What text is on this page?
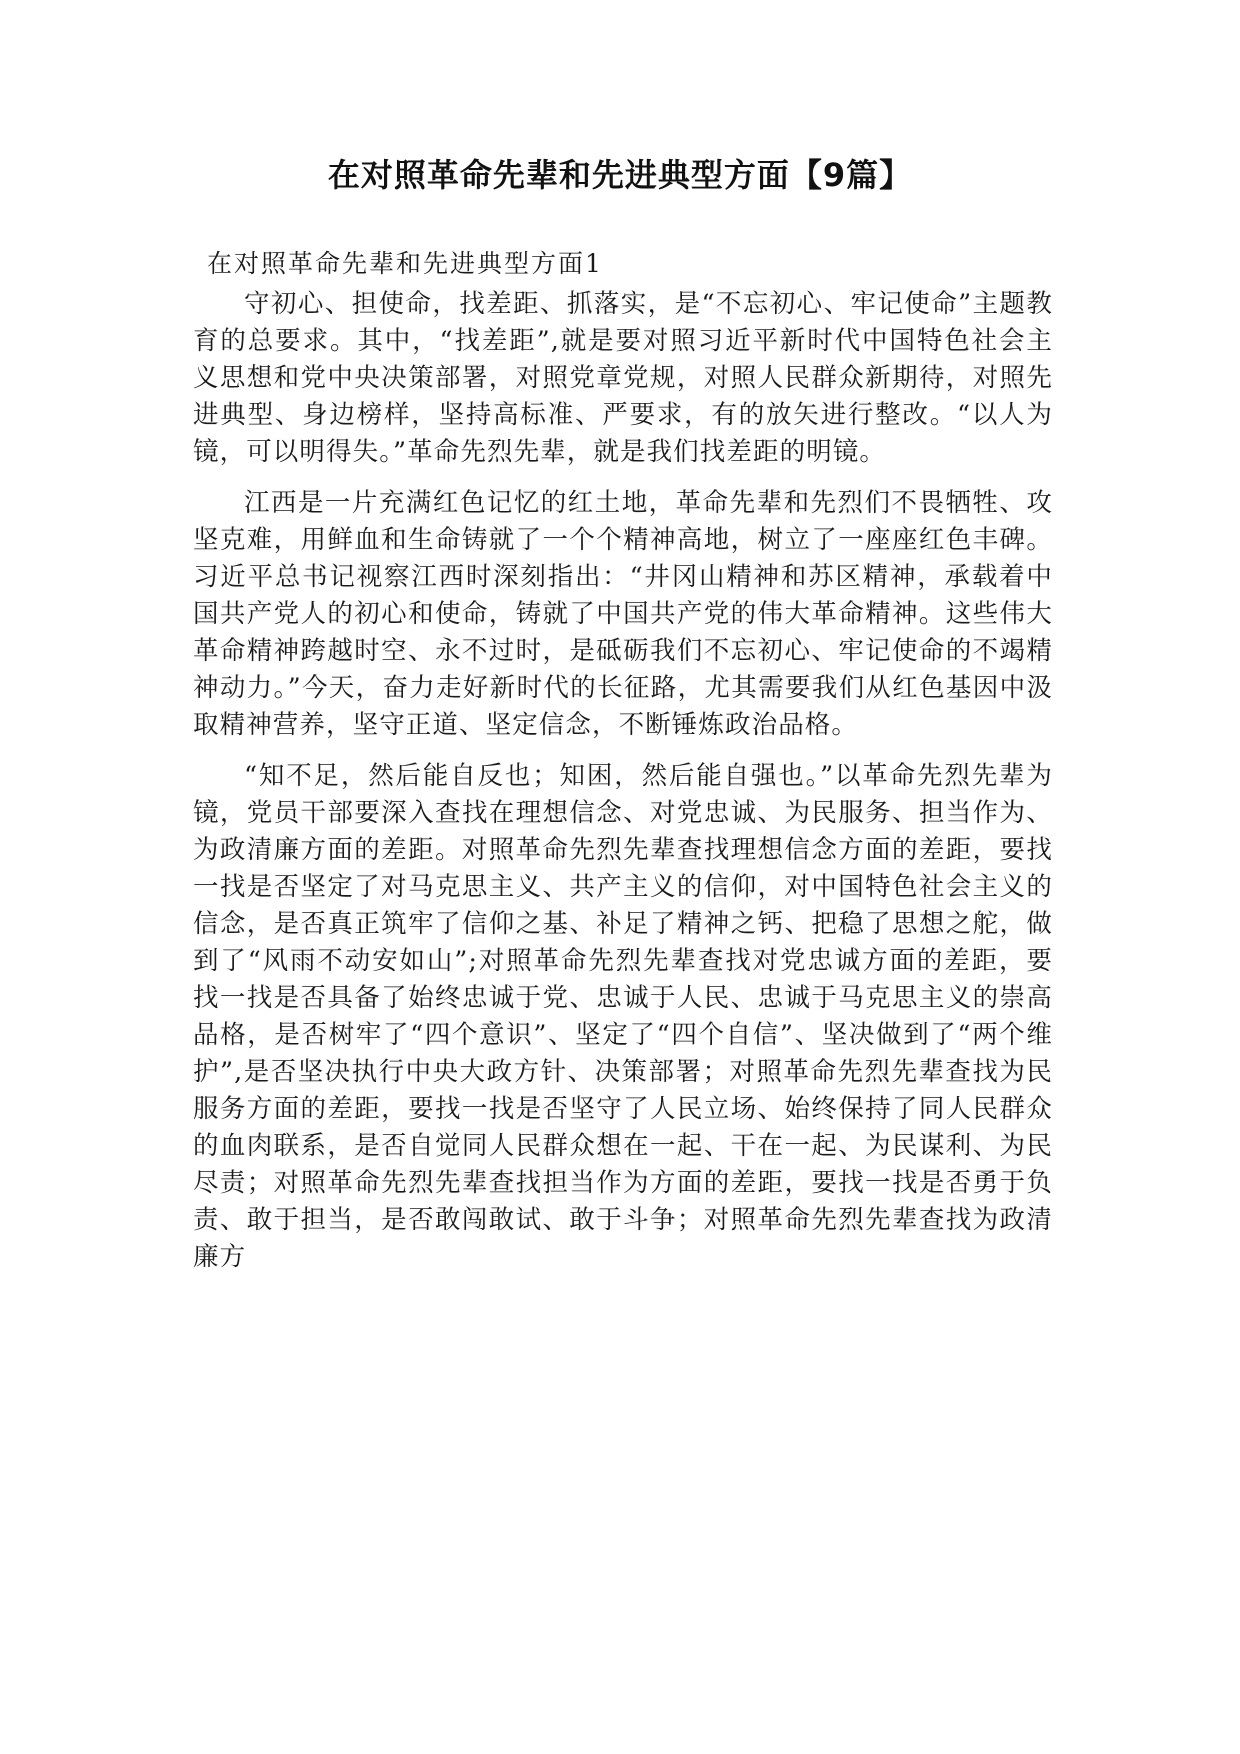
在对照革命先辈和先进典型方面【9篇】
在对照革命先辈和先进典型方面1

守初心、担使命，找差距、抓落实，是“不忘初心、牢记使命”主题教育的总要求。其中，“找差距”,就是要对照习近平新时代中国特色社会主义思想和党中央决策部署，对照党章党规，对照人民群众新期待，对照先进典型、身边榜样，坚持高标准、严要求，有的放矢进行整改。“以人为镜，可以明得失。”革命先烈先辈，就是我们找差距的明镜。

江西是一片充满红色记忆的红土地，革命先辈和先烈们不畏牺牲、攻坚克难，用鲜血和生命铸就了一个个精神高地，树立了一座座红色丰碑。习近平总书记视察江西时深刻指出：“井冈山精神和苏区精神，承载着中国共产党人的初心和使命，铸就了中国共产党的伟大革命精神。这些伟大革命精神跨越时空、永不过时，是砥砺我们不忘初心、牢记使命的不竭精神动力。”今天，奋力走好新时代的长征路，尤其需要我们从红色基因中汲取精神营养，坚守正道、坚定信念，不断锤炼政治品格。

“知不足，然后能自反也；知困，然后能自强也。”以革命先烈先辈为镜，党员干部要深入查找在理想信念、对党忠诚、为民服务、担当作为、为政清廉方面的差距。对照革命先烈先辈查找理想信念方面的差距，要找一找是否坚定了对马克思主义、共产主义的信仰，对中国特色社会主义的信念，是否真正筑牢了信仰之基、补足了精神之钙、把稳了思想之舵，做到了“风雨不动安如山”;对照革命先烈先辈查找对党忠诚方面的差距，要找一找是否具备了始终忠诚于党、忠诚于人民、忠诚于马克思主义的崇高品格，是否树牢了“四个意识”、坚定了“四个自信”、坚决做到了“两个维护”,是否坚决执行中央大政方针、决策部署；对照革命先烈先辈查找为民服务方面的差距，要找一找是否坚守了人民立场、始终保持了同人民群众的血肉联系，是否自觉同人民群众想在一起、干在一起、为民谋利、为民尽责；对照革命先烈先辈查找担当作为方面的差距，要找一找是否勇于负责、敢于担当，是否敢闯敢试、敢于斗争；对照革命先烈先辈查找为政清廉方
